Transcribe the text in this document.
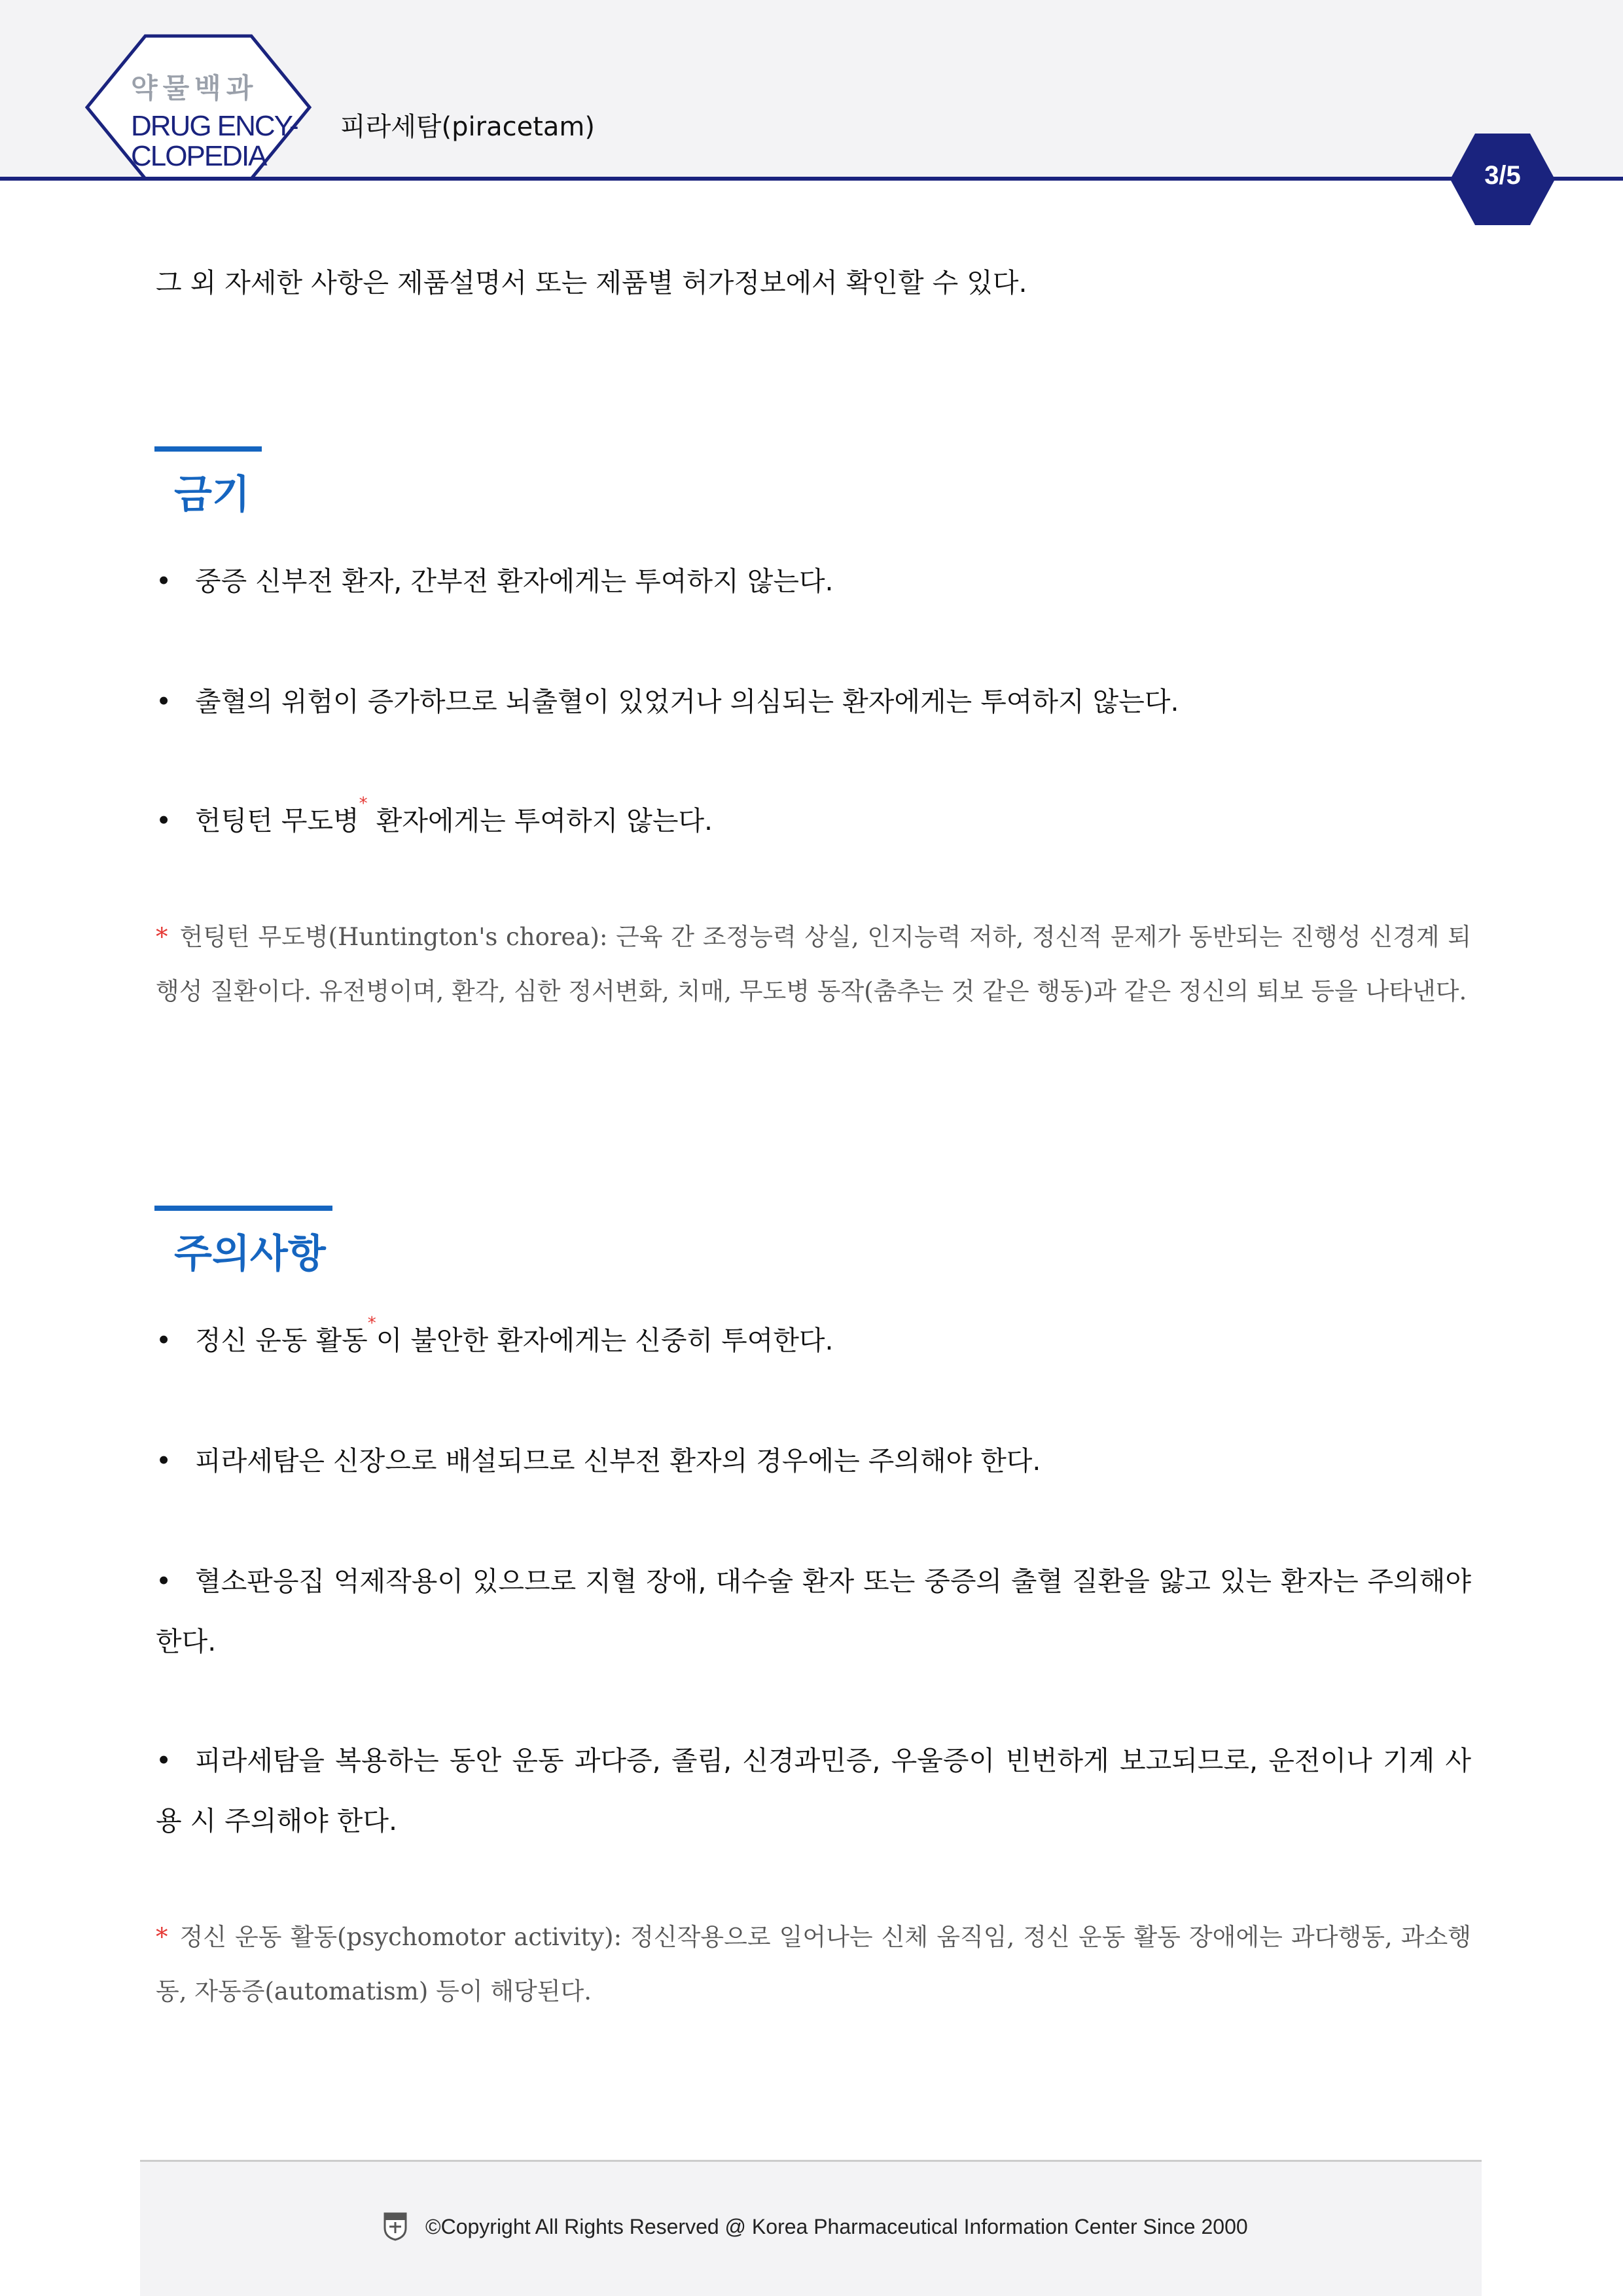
약물백과
DRUG ENCY-
CLOPEDIA
피라세탐(piracetam)
3/5
그 외 자세한 사항은 제품설명서 또는 제품별 허가정보에서 확인할 수 있다.
금기
• 중증 신부전 환자, 간부전 환자에게는 투여하지 않는다.
• 출혈의 위험이 증가하므로 뇌출혈이 있었거나 의심되는 환자에게는 투여하지 않는다.
• 헌팅턴 무도병* 환자에게는 투여하지 않는다.
* 헌팅턴 무도병(Huntington's chorea): 근육 간 조정능력 상실, 인지능력 저하, 정신적 문제가 동반되는 진행성 신경계 퇴행성 질환이다. 유전병이며, 환각, 심한 정서변화, 치매, 무도병 동작(춤추는 것 같은 행동)과 같은 정신의 퇴보 등을 나타낸다.
주의사항
• 정신 운동 활동*이 불안한 환자에게는 신중히 투여한다.
• 피라세탐은 신장으로 배설되므로 신부전 환자의 경우에는 주의해야 한다.
• 혈소판응집 억제작용이 있으므로 지혈 장애, 대수술 환자 또는 중증의 출혈 질환을 앓고 있는 환자는 주의해야 한다.
• 피라세탐을 복용하는 동안 운동 과다증, 졸림, 신경과민증, 우울증이 빈번하게 보고되므로, 운전이나 기계 사용 시 주의해야 한다.
* 정신 운동 활동(psychomotor activity): 정신작용으로 일어나는 신체 움직임, 정신 운동 활동 장애에는 과다행동, 과소행동, 자동증(automatism) 등이 해당된다.
©Copyright All Rights Reserved @ Korea Pharmaceutical Information Center Since 2000
